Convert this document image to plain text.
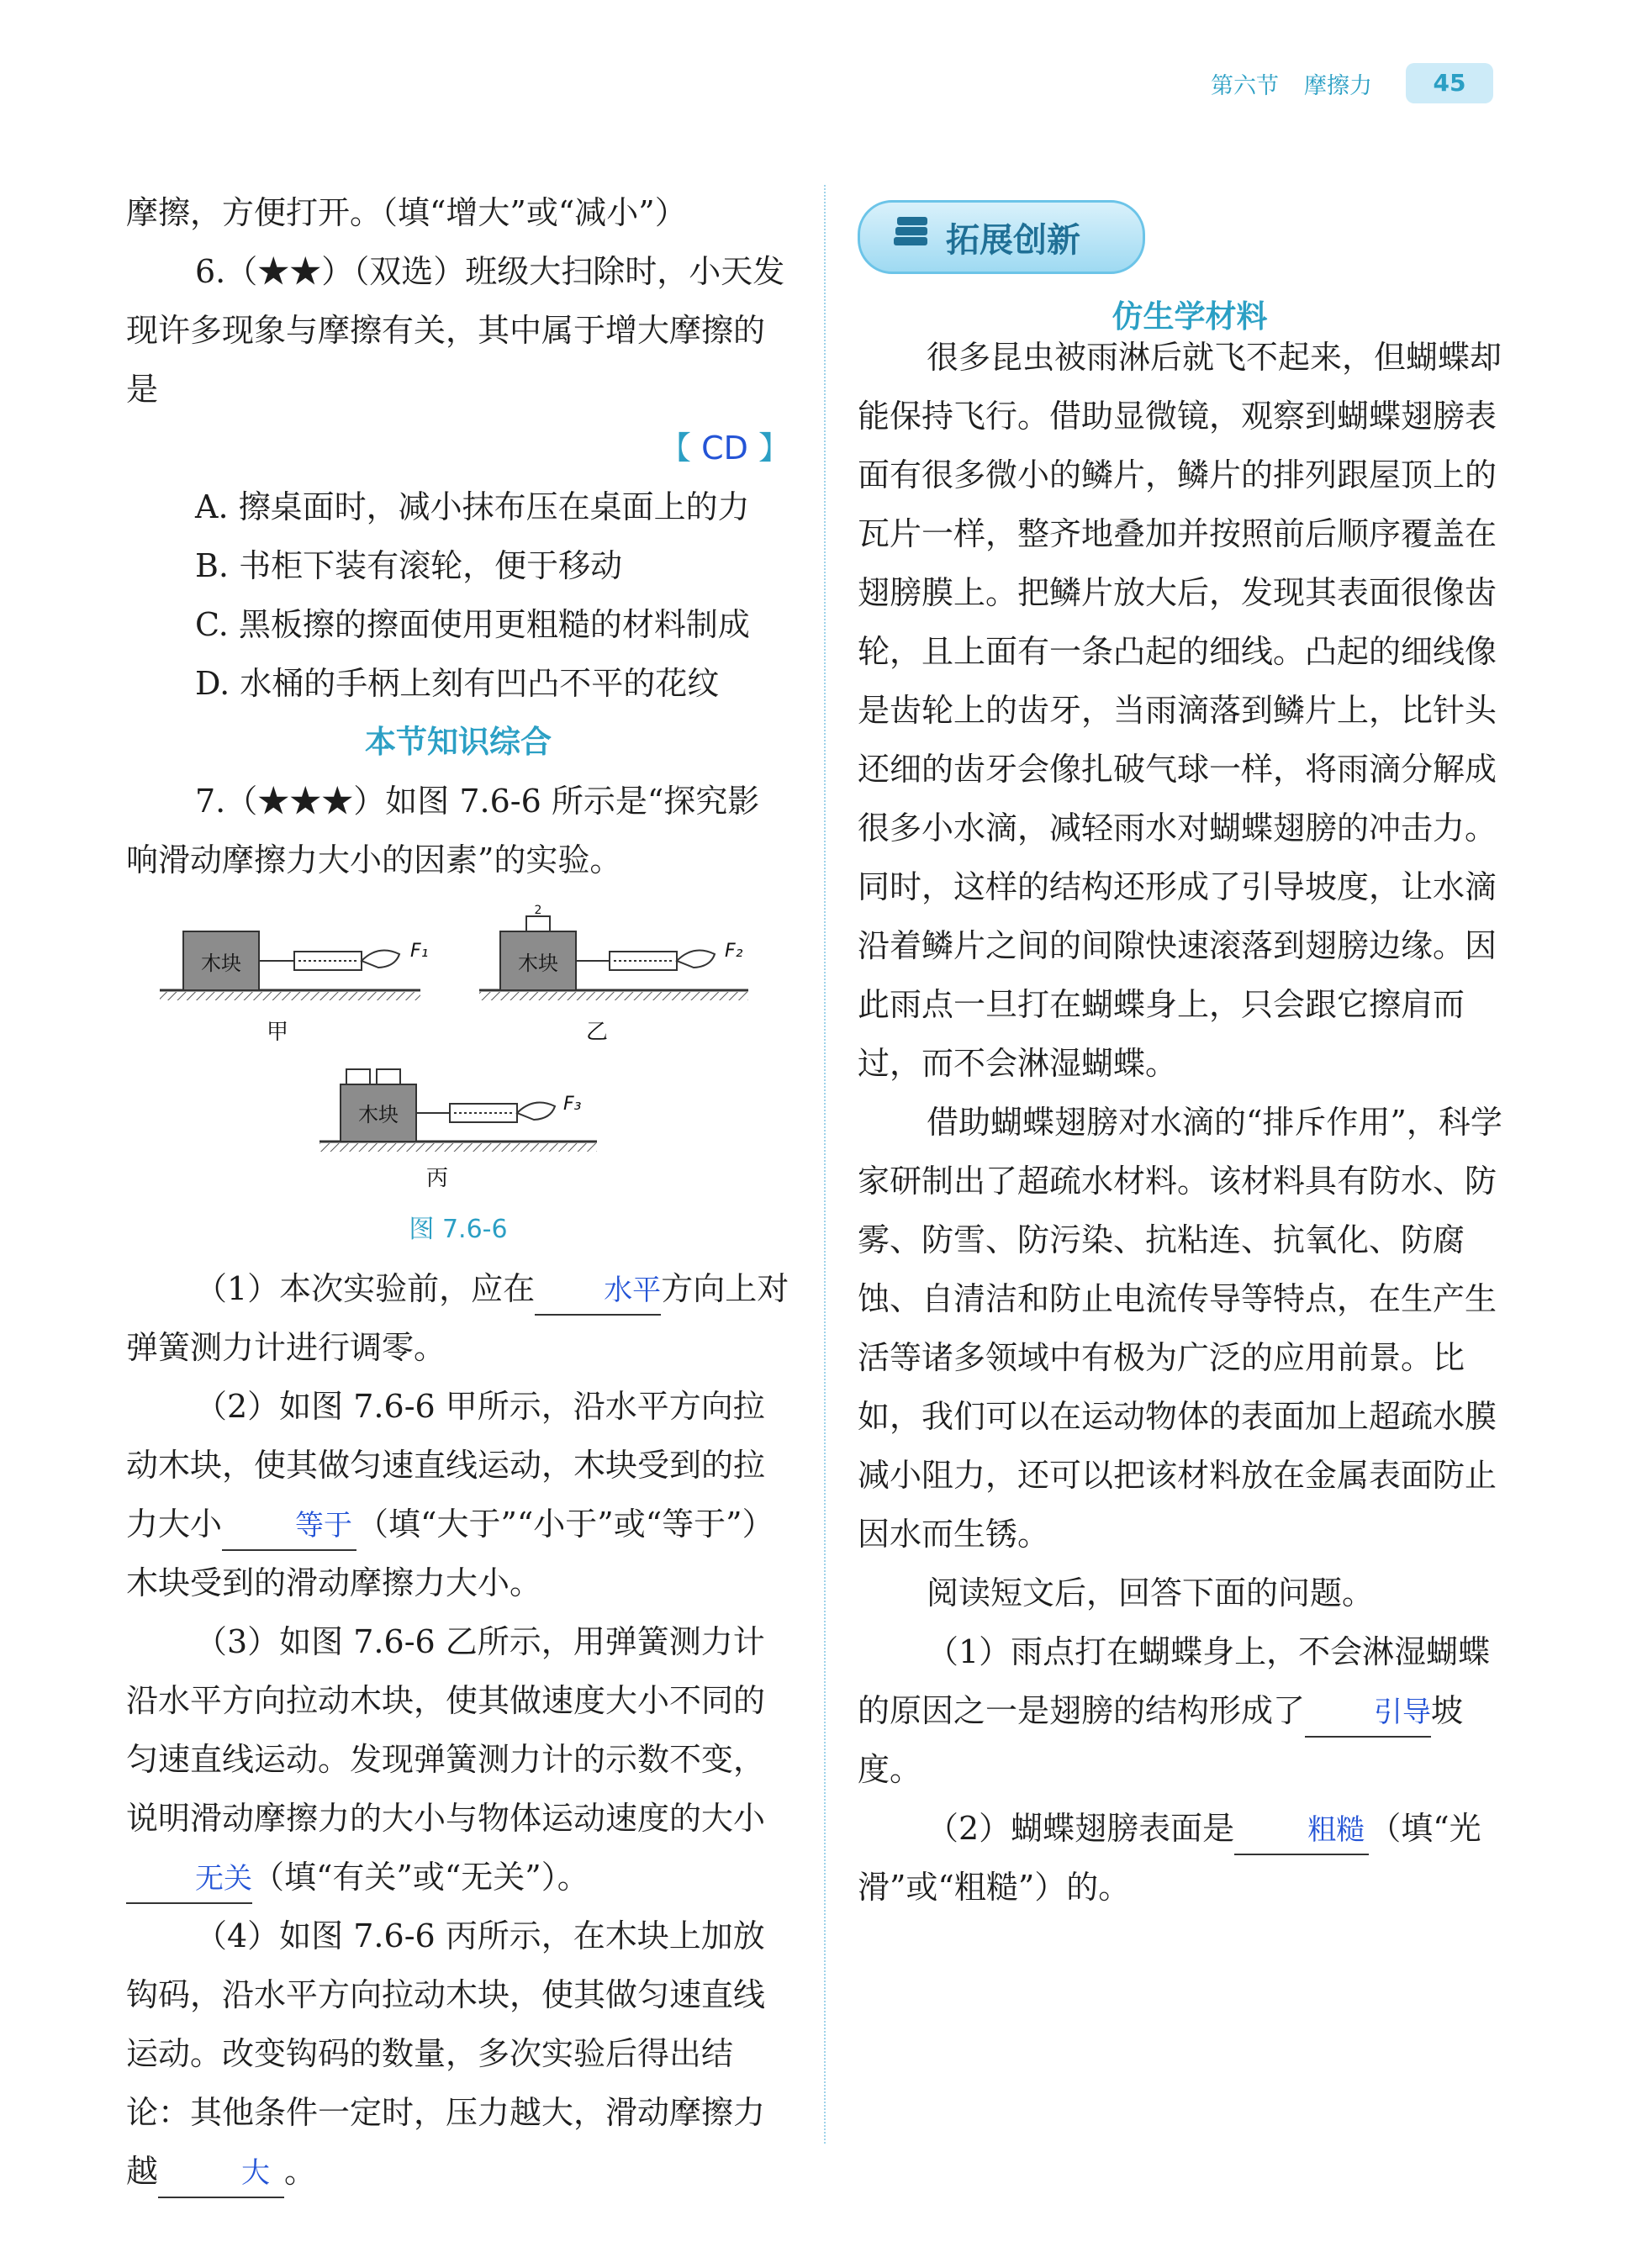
第六节 摩擦力	45

摩擦，方便打开。（填“增大”或“减小”）

6.（★★）（双选）班级大扫除时，小天发现许多现象与摩擦有关，其中属于增大摩擦的是

【 CD 】

A. 擦桌面时，减小抹布压在桌面上的力

B. 书柜下装有滚轮，便于移动

C. 黑板擦的擦面使用更粗糙的材料制成

D. 水桶的手柄上刻有凹凸不平的花纹

本节知识综合

7.（★★★）如图 7.6-6 所示是“探究影响滑动摩擦力大小的因素”的实验。

木块
F₁
甲
2
木块
F₂
乙
木块	F₃
丙
图 7.6-6

（1）本次实验前，应在 水平方向上对弹簧测力计进行调零。

（2）如图 7.6-6 甲所示，沿水平方向拉动木块，使其做匀速直线运动，木块受到的拉力大小	等于 （填“大于”“小于”或“等于”）木块受到的滑动摩擦力大小。

（3）如图 7.6-6 乙所示，用弹簧测力计沿水平方向拉动木块，使其做速度大小不同的匀速直线运动。发现弹簧测力计的示数不变，说明滑动摩擦力的大小与物体运动速度的大小无关（填“有关”或“无关”）。

（4）如图 7.6-6 丙所示，在木块上加放钩码，沿水平方向拉动木块，使其做匀速直线运动。改变钩码的数量，多次实验后得出结论：其他条件一定时，压力越大，滑动摩擦力越	大 。

拓展创新
仿生学材料

很多昆虫被雨淋后就飞不起来，但蝴蝶却能保持飞行。借助显微镜，观察到蝴蝶翅膀表面有很多微小的鳞片，鳞片的排列跟屋顶上的瓦片一样，整齐地叠加并按照前后顺序覆盖在翅膀膜上。把鳞片放大后，发现其表面很像齿轮，且上面有一条凸起的细线。凸起的细线像是齿轮上的齿牙，当雨滴落到鳞片上，比针头还细的齿牙会像扎破气球一样，将雨滴分解成很多小水滴，减轻雨水对蝴蝶翅膀的冲击力。同时，这样的结构还形成了引导坡度，让水滴沿着鳞片之间的间隙快速滚落到翅膀边缘。因此雨点一旦打在蝴蝶身上，只会跟它擦肩而过，而不会淋湿蝴蝶。

借助蝴蝶翅膀对水滴的“排斥作用”，科学家研制出了超疏水材料。该材料具有防水、防雾、防雪、防污染、抗粘连、抗氧化、防腐蚀、自清洁和防止电流传导等特点，在生产生活等诸多领域中有极为广泛的应用前景。比如，我们可以在运动物体的表面加上超疏水膜减小阻力，还可以把该材料放在金属表面防止因水而生锈。

阅读短文后，回答下面的问题。

（1）雨点打在蝴蝶身上，不会淋湿蝴蝶的原因之一是翅膀的结构形成了 引导坡度。

（2）蝴蝶翅膀表面是	粗糙 （填“光滑”或“粗糙”）的。
